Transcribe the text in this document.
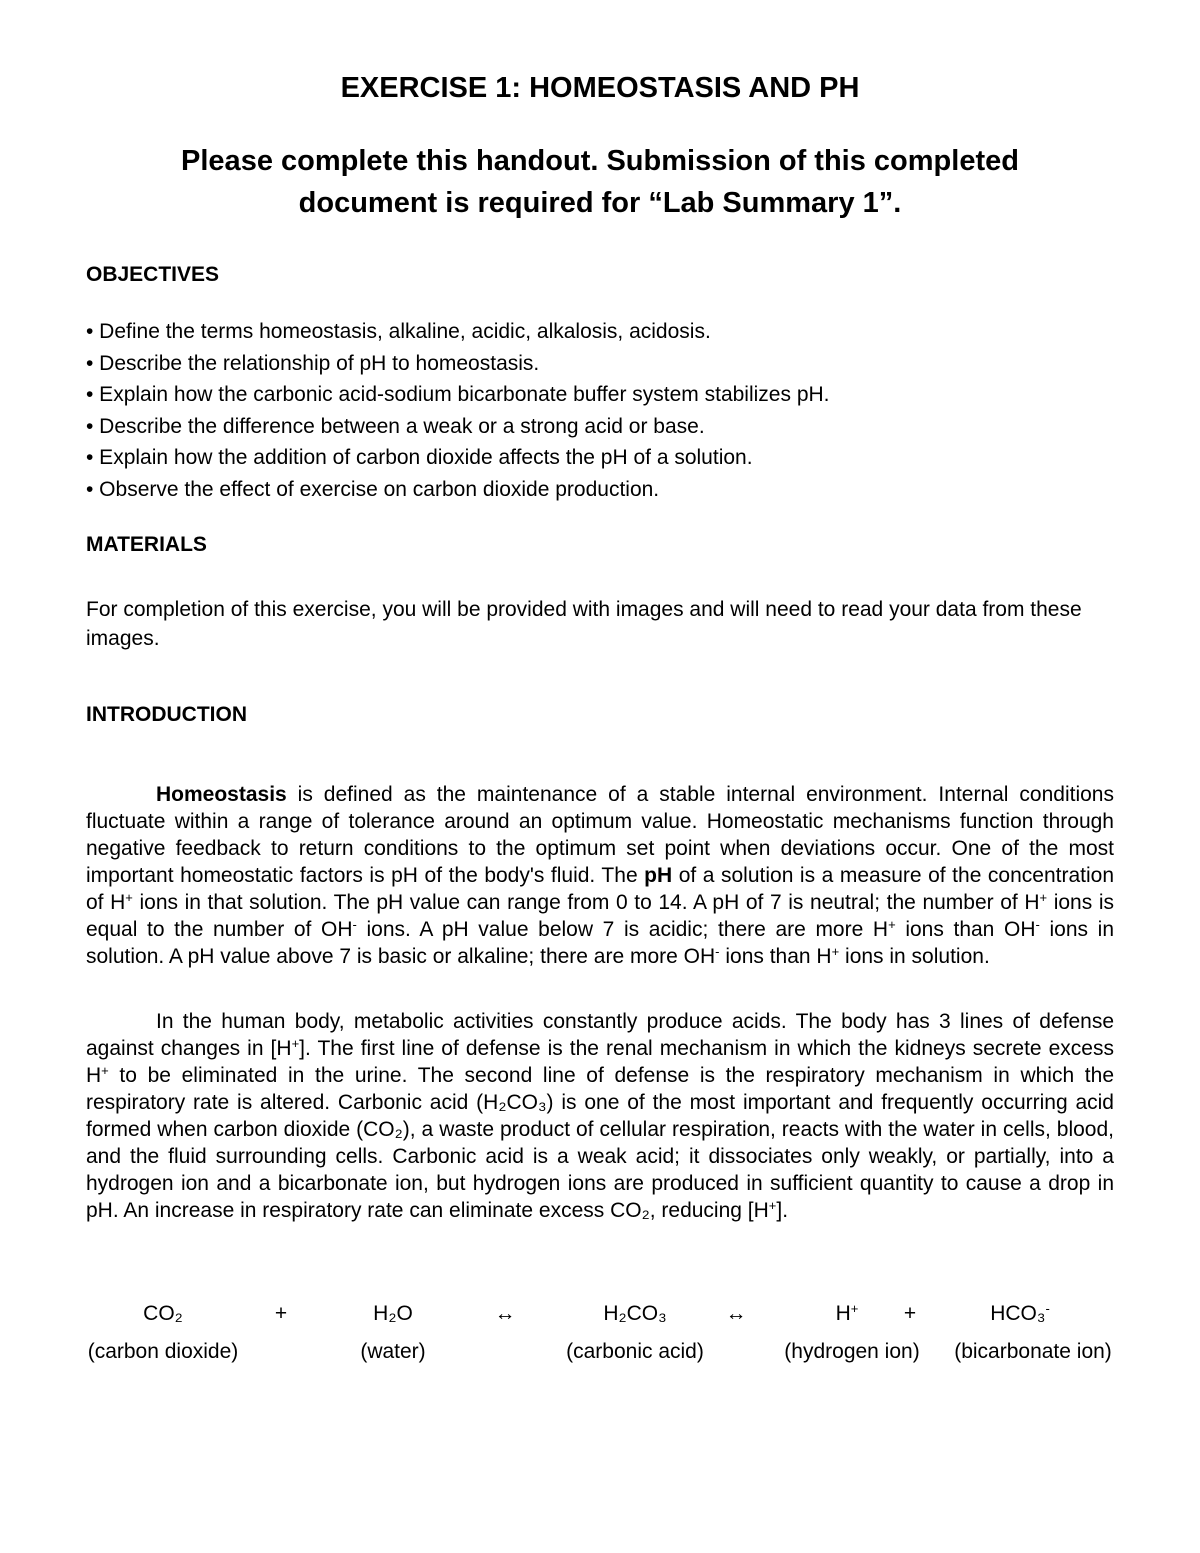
EXERCISE 1: HOMEOSTASIS AND PH
Please complete this handout. Submission of this completed
document is required for “Lab Summary 1”.
OBJECTIVES
• Define the terms homeostasis, alkaline, acidic, alkalosis, acidosis.
• Describe the relationship of pH to homeostasis.
• Explain how the carbonic acid-sodium bicarbonate buffer system stabilizes pH.
• Describe the difference between a weak or a strong acid or base.
• Explain how the addition of carbon dioxide affects the pH of a solution.
• Observe the effect of exercise on carbon dioxide production.
MATERIALS

For completion of this exercise, you will be provided with images and will need to read your data from these images.

INTRODUCTION

Homeostasis is defined as the maintenance of a stable internal environment. Internal conditions fluctuate within a range of tolerance around an optimum value. Homeostatic mechanisms function through negative feedback to return conditions to the optimum set point when deviations occur. One of the most important homeostatic factors is pH of the body's fluid. The pH of a solution is a measure of the concentration of H+ ions in that solution. The pH value can range from 0 to 14. A pH of 7 is neutral; the number of H+ ions is equal to the number of OH- ions. A pH value below 7 is acidic; there are more H+ ions than OH- ions in solution. A pH value above 7 is basic or alkaline; there are more OH- ions than H+ ions in solution.

In the human body, metabolic activities constantly produce acids. The body has 3 lines of defense against changes in [H+]. The first line of defense is the renal mechanism in which the kidneys secrete excess H+ to be eliminated in the urine. The second line of defense is the respiratory mechanism in which the respiratory rate is altered. Carbonic acid (H₂CO₃) is one of the most important and frequently occurring acid formed when carbon dioxide (CO₂), a waste product of cellular respiration, reacts with the water in cells, blood, and the fluid surrounding cells. Carbonic acid is a weak acid; it dissociates only weakly, or partially, into a hydrogen ion and a bicarbonate ion, but hydrogen ions are produced in sufficient quantity to cause a drop in pH. An increase in respiratory rate can eliminate excess CO₂, reducing [H+].

CO₂	+	H₂O	↔	H₂CO₃	↔	H+ +	HCO₃-
(carbon dioxide)	(water)	(carbonic acid)	(hydrogen ion) (bicarbonate ion)
